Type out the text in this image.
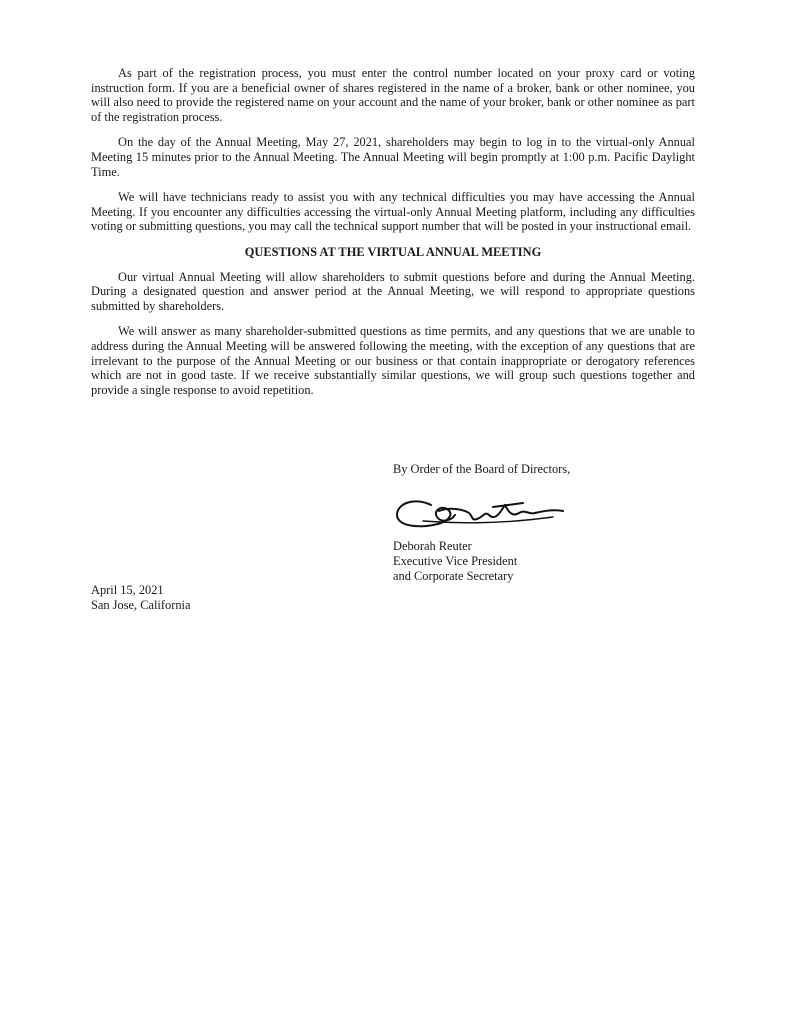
As part of the registration process, you must enter the control number located on your proxy card or voting instruction form. If you are a beneficial owner of shares registered in the name of a broker, bank or other nominee, you will also need to provide the registered name on your account and the name of your broker, bank or other nominee as part of the registration process.

On the day of the Annual Meeting, May 27, 2021, shareholders may begin to log in to the virtual-only Annual Meeting 15 minutes prior to the Annual Meeting. The Annual Meeting will begin promptly at 1:00 p.m. Pacific Daylight Time.

We will have technicians ready to assist you with any technical difficulties you may have accessing the Annual Meeting. If you encounter any difficulties accessing the virtual-only Annual Meeting platform, including any difficulties voting or submitting questions, you may call the technical support number that will be posted in your instructional email.

QUESTIONS AT THE VIRTUAL ANNUAL MEETING

Our virtual Annual Meeting will allow shareholders to submit questions before and during the Annual Meeting. During a designated question and answer period at the Annual Meeting, we will respond to appropriate questions submitted by shareholders.

We will answer as many shareholder-submitted questions as time permits, and any questions that we are unable to address during the Annual Meeting will be answered following the meeting, with the exception of any questions that are irrelevant to the purpose of the Annual Meeting or our business or that contain inappropriate or derogatory references which are not in good taste. If we receive substantially similar questions, we will group such questions together and provide a single response to avoid repetition.

By Order of the Board of Directors,

Deborah Reuter

Executive Vice President

and Corporate Secretary

April 15, 2021

San Jose, California
